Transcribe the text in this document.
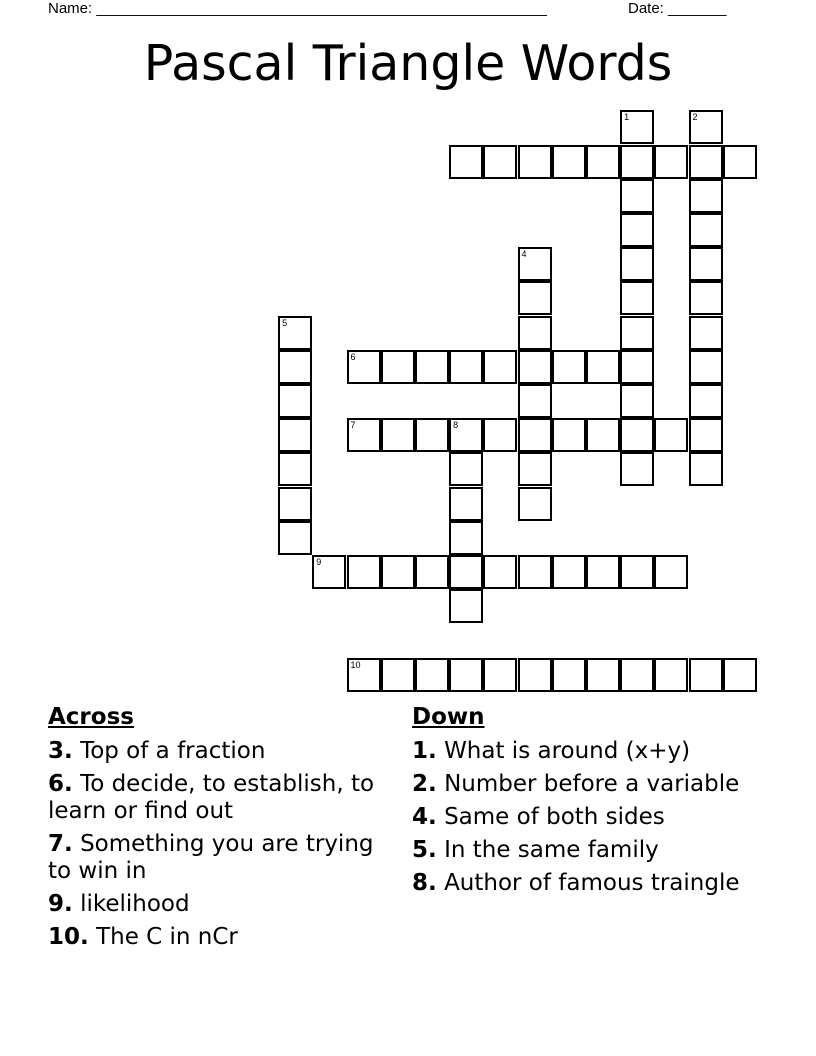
Name: ______________________________________________________	Date: _______
Pascal Triangle Words
1	2
4
5
6
7	8
9
10
Across
3. Top of a fraction
6. To decide, to establish, to learn or find out
7. Something you are trying to win in
9. likelihood
10. The C in nCr
Down
1. What is around (x+y)
2. Number before a variable
4. Same of both sides
5. In the same family
8. Author of famous traingle
